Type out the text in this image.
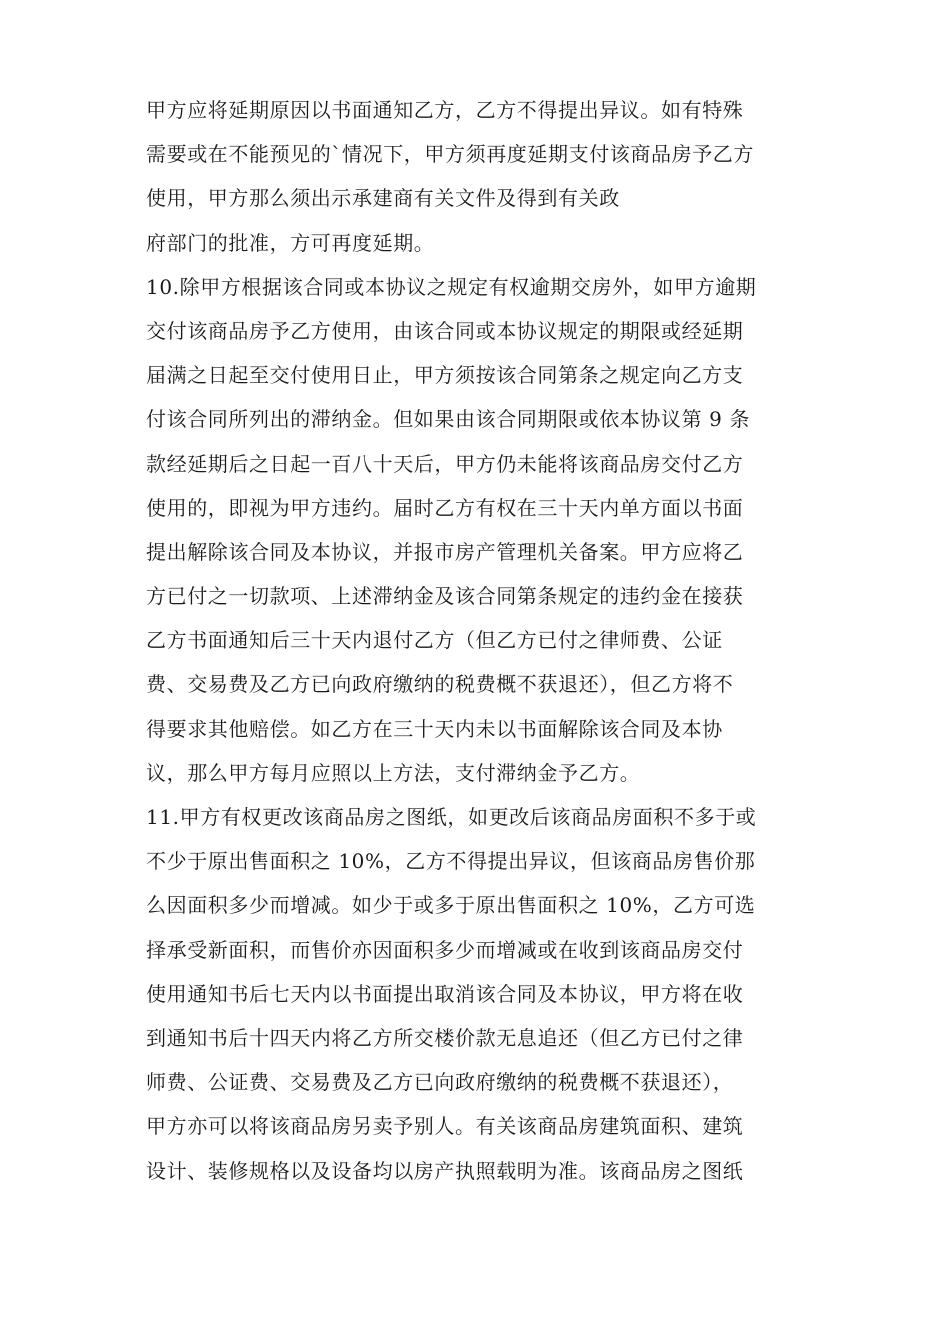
甲方应将延期原因以书面通知乙方，乙方不得提出异议。如有特殊
需要或在不能预见的`情况下，甲方须再度延期支付该商品房予乙方
使用，甲方那么须出示承建商有关文件及得到有关政
府部门的批准，方可再度延期。
10.除甲方根据该合同或本协议之规定有权逾期交房外，如甲方逾期
交付该商品房予乙方使用，由该合同或本协议规定的期限或经延期
届满之日起至交付使用日止，甲方须按该合同第条之规定向乙方支
付该合同所列出的滞纳金。但如果由该合同期限或依本协议第 9 条
款经延期后之日起一百八十天后，甲方仍未能将该商品房交付乙方
使用的，即视为甲方违约。届时乙方有权在三十天内单方面以书面
提出解除该合同及本协议，并报市房产管理机关备案。甲方应将乙
方已付之一切款项、上述滞纳金及该合同第条规定的违约金在接获
乙方书面通知后三十天内退付乙方（但乙方已付之律师费、公证
费、交易费及乙方已向政府缴纳的税费概不获退还），但乙方将不
得要求其他赔偿。如乙方在三十天内未以书面解除该合同及本协
议，那么甲方每月应照以上方法，支付滞纳金予乙方。
11.甲方有权更改该商品房之图纸，如更改后该商品房面积不多于或
不少于原出售面积之 10%，乙方不得提出异议，但该商品房售价那
么因面积多少而增减。如少于或多于原出售面积之 10%，乙方可选
择承受新面积，而售价亦因面积多少而增减或在收到该商品房交付
使用通知书后七天内以书面提出取消该合同及本协议，甲方将在收
到通知书后十四天内将乙方所交楼价款无息追还（但乙方已付之律
师费、公证费、交易费及乙方已向政府缴纳的税费概不获退还），
甲方亦可以将该商品房另卖予别人。有关该商品房建筑面积、建筑
设计、装修规格以及设备均以房产执照载明为准。该商品房之图纸
